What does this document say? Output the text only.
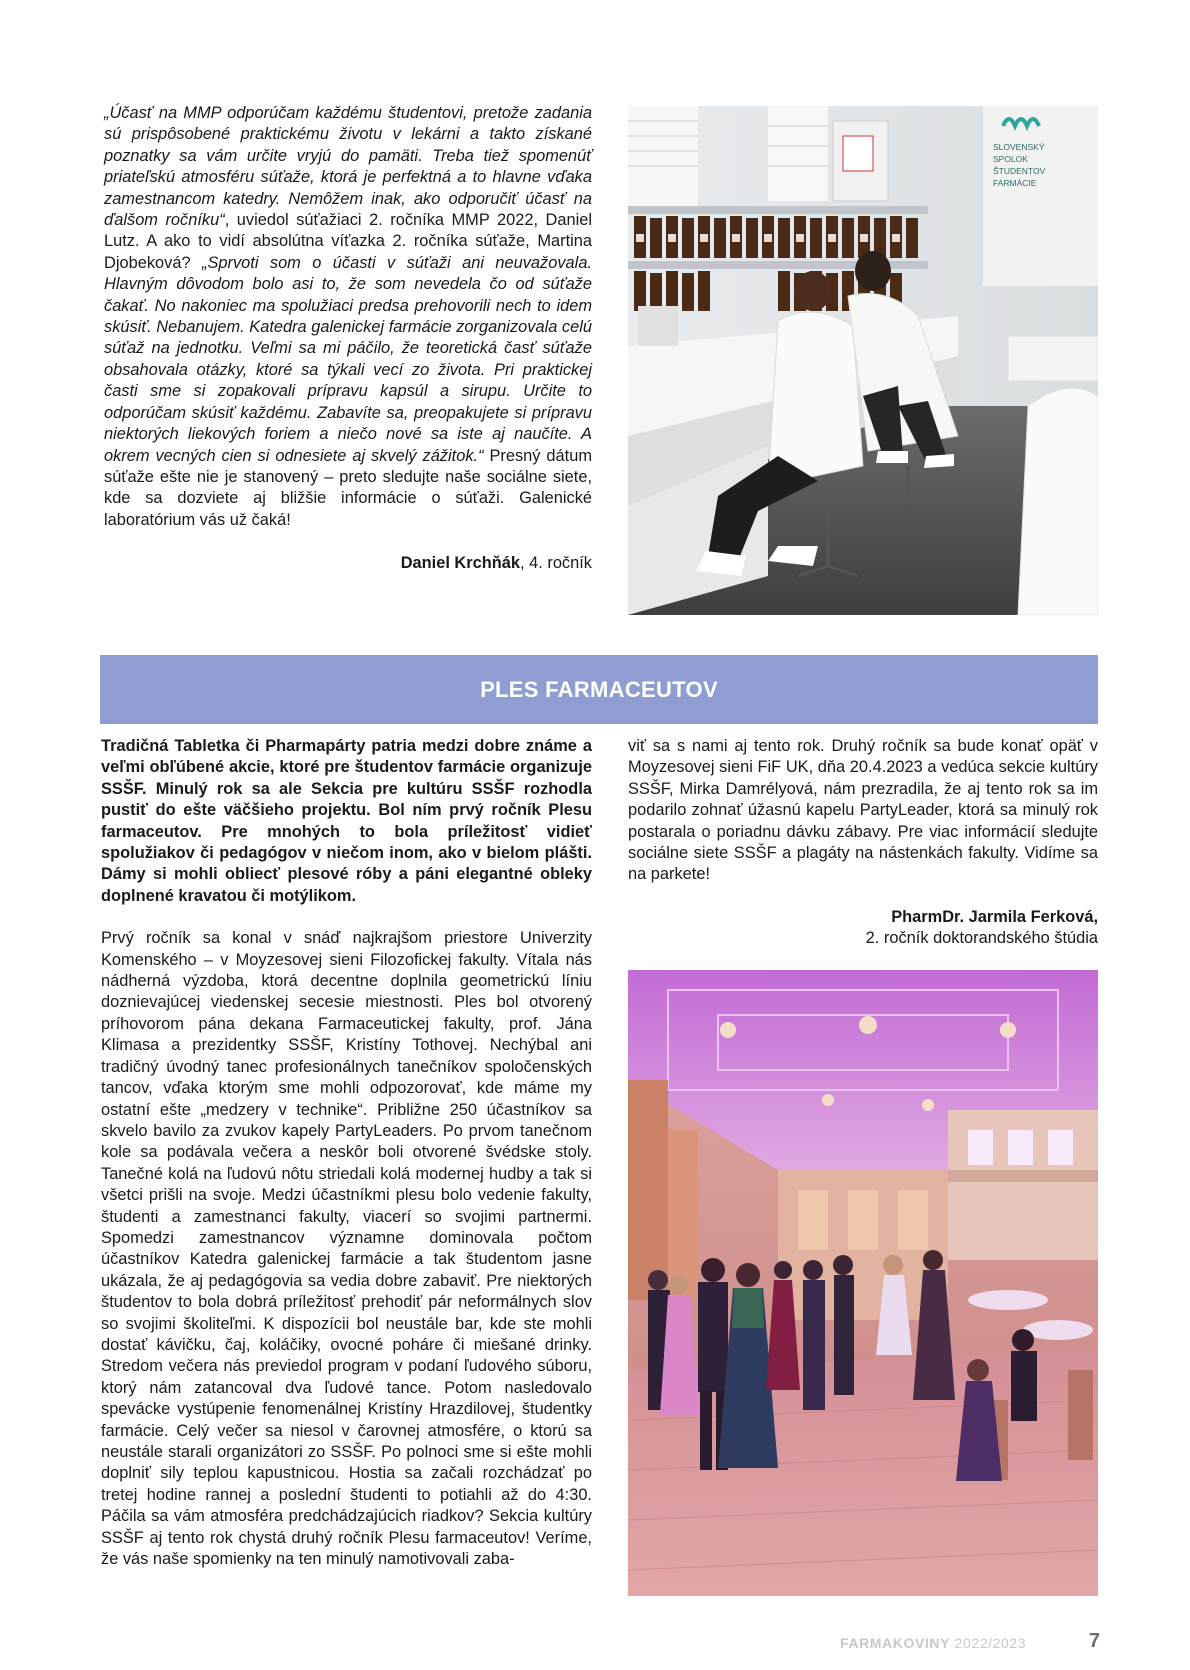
„Účasť na MMP odporúčam každému študentovi, pretože zadania sú prispôsobené praktickému životu v lekárni a takto získané poznatky sa vám určite vryjú do pamäti. Treba tiež spomenúť priateľskú atmosféru súťaže, ktorá je perfektná a to hlavne vďaka zamestnancom katedry. Nemôžem inak, ako odporučiť účasť na ďalšom ročníku“, uviedol súťažiaci 2. ročníka MMP 2022, Daniel Lutz. A ako to vidí absolútna víťazka 2. ročníka súťaže, Martina Djobeková? „Sprvoti som o účasti v súťaži ani neuvažovala. Hlavným dôvodom bolo asi to, že som nevedela čo od súťaže čakať. No nakoniec ma spolužiaci predsa prehovorili nech to idem skúsiť. Nebanujem. Katedra galenickej farmácie zorganizovala celú súťaž na jednotku. Veľmi sa mi páčilo, že teoretická časť súťaže obsahovala otázky, ktoré sa týkali vecí zo života. Pri praktickej časti sme si zopakovali prípravu kapsúl a sirupu. Určite to odporúčam skúsiť každému. Zabavíte sa, preopakujete si prípravu niektorých liekových foriem a niečo nové sa iste aj naučíte. A okrem vecných cien si odnesiete aj skvelý zážitok.“ Presný dátum súťaže ešte nie je stanovený – preto sledujte naše sociálne siete, kde sa dozviete aj bližšie informácie o súťaži. Galenické laboratórium vás už čaká!

Daniel Krchňák, 4. ročník

SLOVENSKÝ
SPOLOK
ŠTUDENTOV
FARMÁCIE
PLES FARMACEUTOV

Tradičná Tabletka či Pharmapárty patria medzi dobre známe a veľmi obľúbené akcie, ktoré pre študentov farmácie organizuje SSŠF. Minulý rok sa ale Sekcia pre kultúru SSŠF rozhodla pustiť do ešte väčšieho projektu. Bol ním prvý ročník Plesu farmaceutov. Pre mnohých to bola príležitosť vidieť spolužiakov či pedagógov v niečom inom, ako v bielom plášti. Dámy si mohli obliecť plesové róby a páni elegantné obleky doplnené kravatou či motýlikom.

Prvý ročník sa konal v snáď najkrajšom priestore Univerzity Komenského – v Moyzesovej sieni Filozofickej fakulty. Vítala nás nádherná výzdoba, ktorá decentne doplnila geometrickú líniu doznievajúcej viedenskej secesie miestnosti. Ples bol otvorený príhovorom pána dekana Farmaceutickej fakulty, prof. Jána Klimasa a prezidentky SSŠF, Kristíny Tothovej. Nechýbal ani tradičný úvodný tanec profesionálnych tanečníkov spoločenských tancov, vďaka ktorým sme mohli odpozorovať, kde máme my ostatní ešte „medzery v technike“. Približne 250 účastníkov sa skvelo bavilo za zvukov kapely PartyLeaders. Po prvom tanečnom kole sa podávala večera a neskôr boli otvorené švédske stoly. Tanečné kolá na ľudovú nôtu striedali kolá modernej hudby a tak si všetci prišli na svoje. Medzi účastníkmi plesu bolo vedenie fakulty, študenti a zamestnanci fakulty, viacerí so svojimi partnermi. Spomedzi zamestnancov významne dominovala počtom účastníkov Katedra galenickej farmácie a tak študentom jasne ukázala, že aj pedagógovia sa vedia dobre zabaviť. Pre niektorých študentov to bola dobrá príležitosť prehodiť pár neformálnych slov so svojimi školiteľmi. K dispozícii bol neustále bar, kde ste mohli dostať kávičku, čaj, koláčiky, ovocné poháre či miešané drinky. Stredom večera nás previedol program v podaní ľudového súboru, ktorý nám zatancoval dva ľudové tance. Potom nasledovalo spevácke vystúpenie fenomenálnej Kristíny Hrazdilovej, študentky farmácie. Celý večer sa niesol v čarovnej atmosfére, o ktorú sa neustále starali organizátori zo SSŠF. Po polnoci sme si ešte mohli doplniť sily teplou kapustnicou. Hostia sa začali rozchádzať po tretej hodine rannej a poslední študenti to potiahli až do 4:30. Páčila sa vám atmosféra predchádzajúcich riadkov? Sekcia kultúry SSŠF aj tento rok chystá druhý ročník Plesu farmaceutov! Veríme, že vás naše spomienky na ten minulý namotivovali zaba-

viť sa s nami aj tento rok. Druhý ročník sa bude konať opäť v Moyzesovej sieni FiF UK, dňa 20.4.2023 a vedúca sekcie kultúry SSŠF, Mirka Damrélyová, nám prezradila, že aj tento rok sa im podarilo zohnať úžasnú kapelu PartyLeader, ktorá sa minulý rok postarala o poriadnu dávku zábavy. Pre viac informácií sledujte sociálne siete SSŠF a plagáty na nástenkách fakulty. Vidíme sa na parkete!

PharmDr. Jarmila Ferková,
2. ročník doktorandského štúdia

FARMAKOVINY 2022/2023	7
